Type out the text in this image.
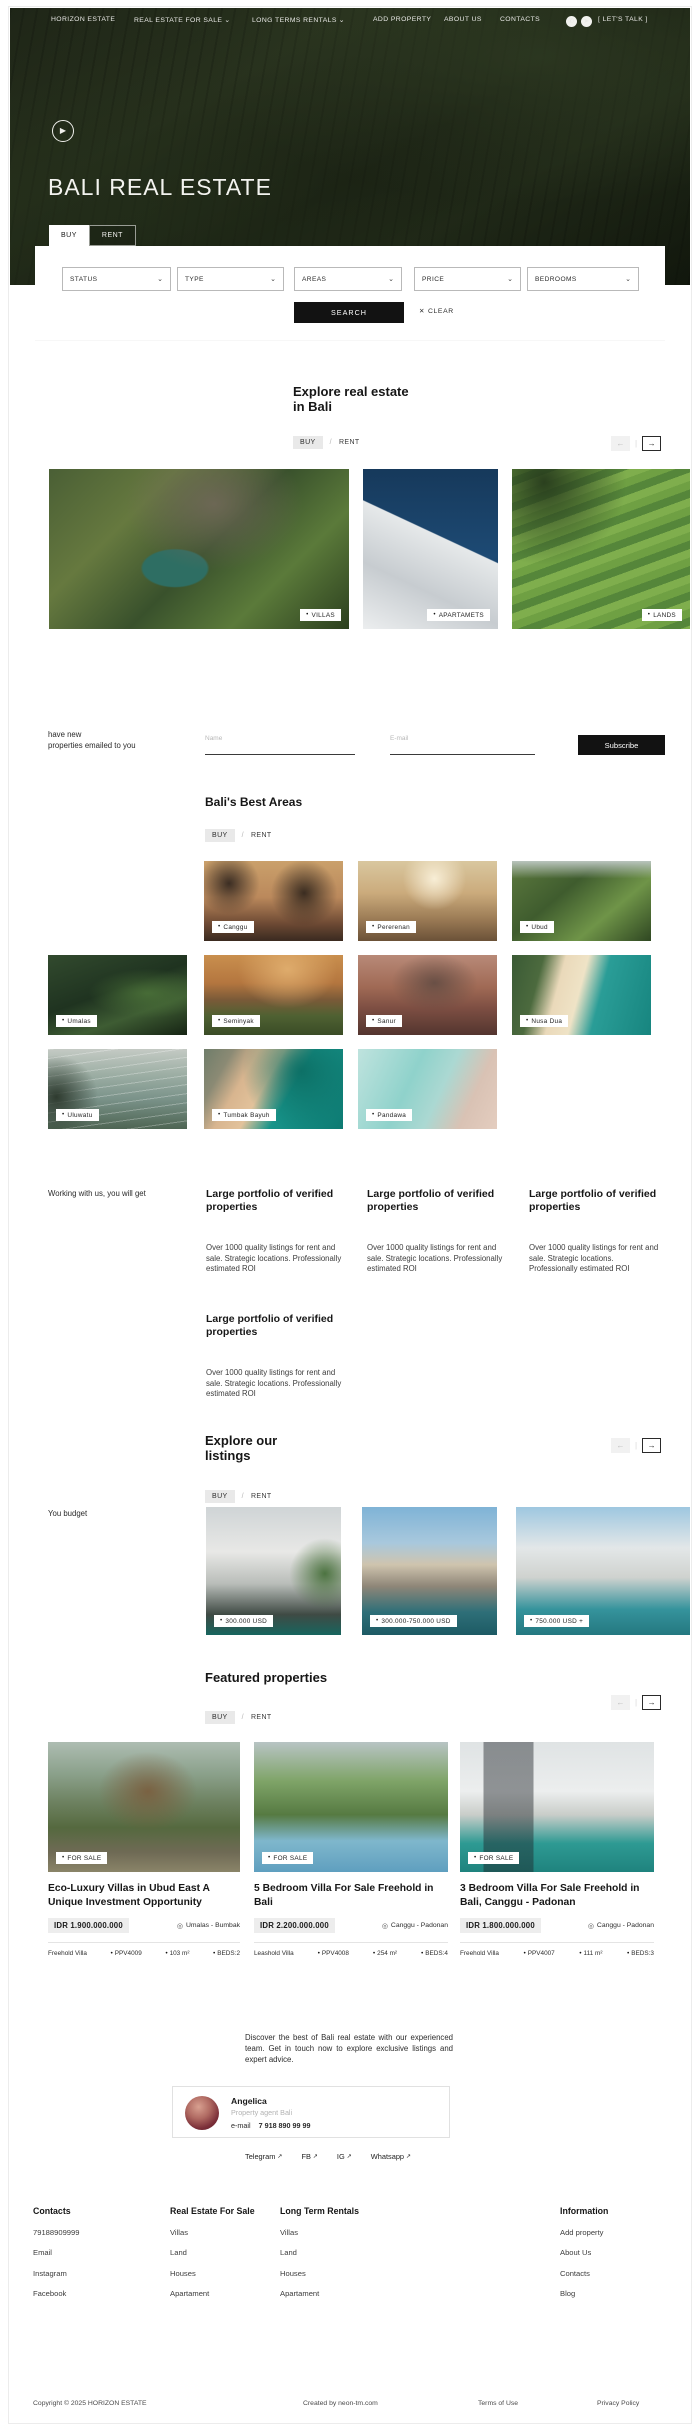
HORIZON ESTATE	REAL ESTATE FOR SALE ⌄	LONG TERMS RENTALS ⌄	ADD PROPERTY ABOUT US	CONTACTS	✆	➤	[ LET'S TALK ]
▶
BALI REAL ESTATE
BUY	RENT
STATUS	⌄	TYPE	⌄	AREAS	⌄	PRICE	⌄	BEDROOMS	⌄
SEARCH	✕ CLEAR
Explore real estate
in Bali
BUY	/ RENT	←	|	→
• VILLAS	• APARTAMETS	• LANDS
have new
properties emailed to you
Name
E-mail	Subscribe
Bali's Best Areas
BUY	/ RENT
• Canggu	• Pererenan	• Ubud
• Umalas	• Seminyak	• Sanur	• Nusa Dua
• Uluwatu	• Tumbak Bayuh	• Pandawa
Working with us, you will get	Large portfolio of verified properties
Over 1000 quality listings for rent and sale. Strategic locations. Professionally estimated ROI
Large portfolio of verified properties
Over 1000 quality listings for rent and sale. Strategic locations. Professionally estimated ROI
Large portfolio of verified properties
Over 1000 quality listings for rent and sale. Strategic locations. Professionally estimated ROI
Large portfolio of verified properties
Over 1000 quality listings for rent and sale. Strategic locations. Professionally estimated ROI
Explore our
listings
←	|	→
BUY	/ RENT
You budget
• 300.000 USD	• 300.000-750.000 USD	• 750.000 USD +
Featured properties
←	|	→
BUY	/ RENT
• FOR SALE
Eco-Luxury Villas in Ubud East A Unique Investment Opportunity
IDR 1.900.000.000	◎ Umalas - Bumbak
Freehold Villa	• PPV4009	• 103 m²	• BEDS:2
• FOR SALE
5 Bedroom Villa For Sale Freehold in Bali
IDR 2.200.000.000	◎ Canggu - Padonan
Leashold Villa	• PPV4008	• 254 m²	• BEDS:4
• FOR SALE
3 Bedroom Villa For Sale Freehold in Bali, Canggu - Padonan
IDR 1.800.000.000	◎ Canggu - Padonan
Freehold Villa	• PPV4007	• 111 m²	• BEDS:3
Discover the best of Bali real estate with our experienced team. Get in touch now to explore exclusive listings and expert advice.
Angelica
Property agent Bali
e-mail 7 918 890 99 99
Telegram ↗	FB ↗	IG ↗	Whatsapp ↗
Contacts
79188909999
Email
Instagram
Facebook
Real Estate For Sale
Villas
Land
Houses
Apartament
Long Term Rentals
Villas
Land
Houses
Apartament
Information
Add property
About Us
Contacts
Blog
Copyright © 2025 HORIZON ESTATE	Created by neon-tm.com	Terms of Use	Privacy Policy
